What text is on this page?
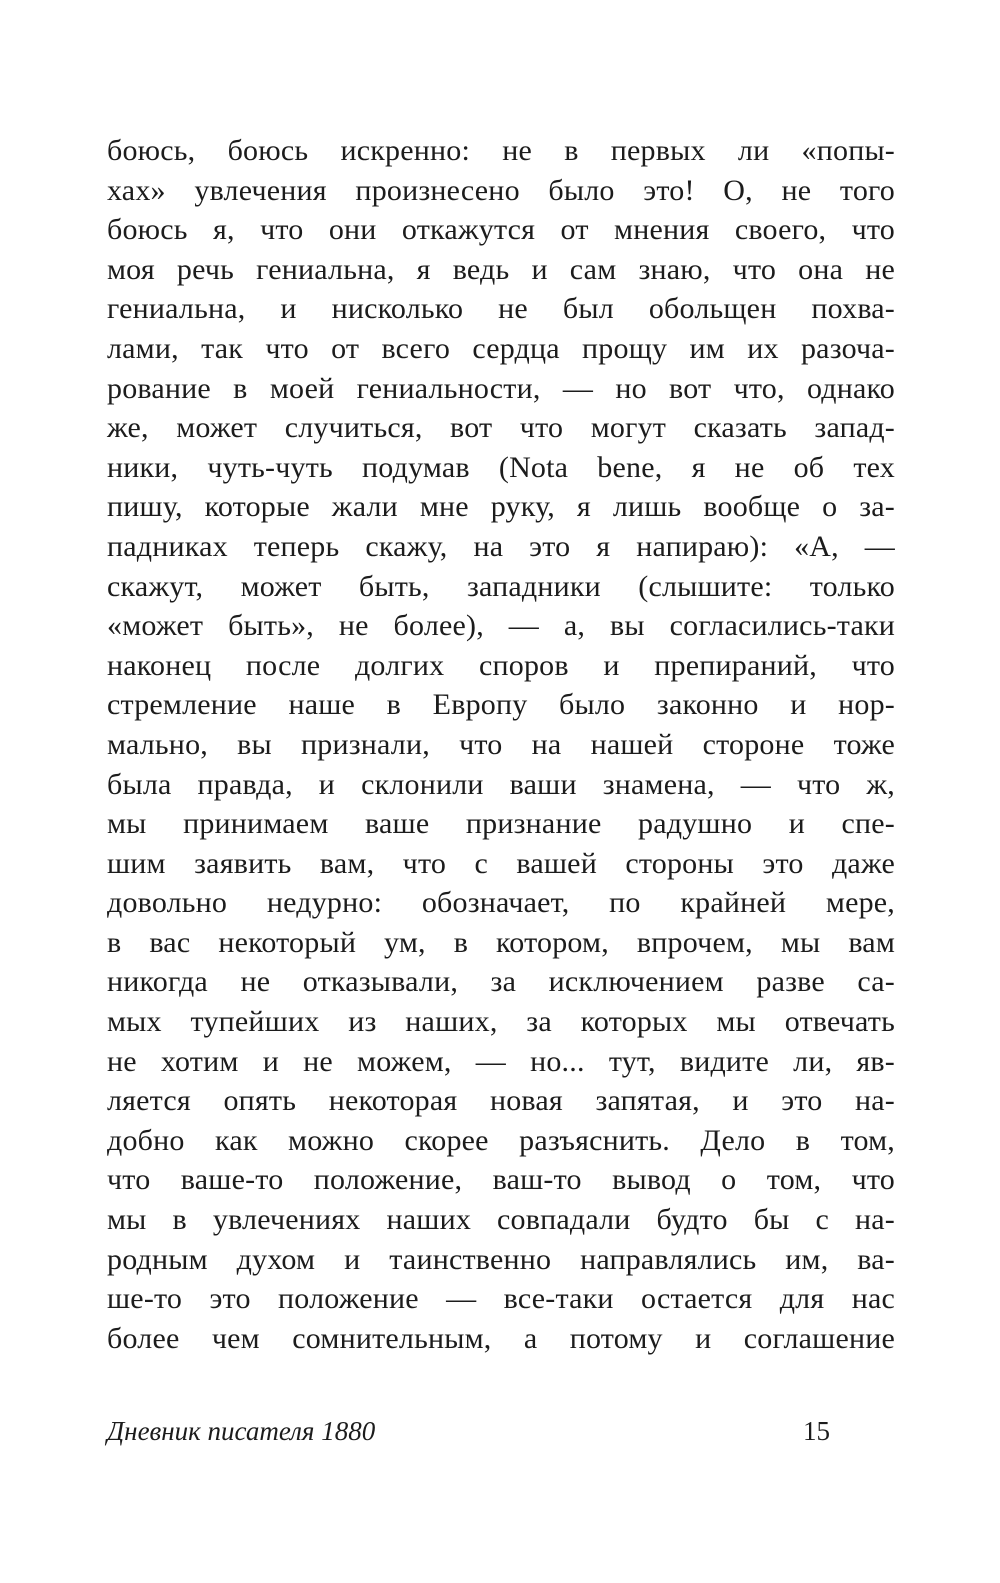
боюсь, боюсь искренно: не в первых ли «попы-
хах» увлечения произнесено было это! О, не того
боюсь я, что они откажутся от мнения своего, что
моя речь гениальна, я ведь и сам знаю, что она не
гениальна, и нисколько не был обольщен похва-
лами, так что от всего сердца прощу им их разоча-
рование в моей гениальности, — но вот что, однако
же, может случиться, вот что могут сказать запад-
ники, чуть-чуть подумав (Nota bene, я не об тех
пишу, которые жали мне руку, я лишь вообще о за-
падниках теперь скажу, на это я напираю): «А, —
скажут, может быть, западники (слышите: только
«может быть», не более), — а, вы согласились-таки
наконец после долгих споров и препираний, что
стремление наше в Европу было законно и нор-
мально, вы признали, что на нашей стороне тоже
была правда, и склонили ваши знамена, — что ж,
мы принимаем ваше признание радушно и спе-
шим заявить вам, что с вашей стороны это даже
довольно недурно: обозначает, по крайней мере,
в вас некоторый ум, в котором, впрочем, мы вам
никогда не отказывали, за исключением разве са-
мых тупейших из наших, за которых мы отвечать
не хотим и не можем, — но... тут, видите ли, яв-
ляется опять некоторая новая запятая, и это на-
добно как можно скорее разъяснить. Дело в том,
что ваше-то положение, ваш-то вывод о том, что
мы в увлечениях наших совпадали будто бы с на-
родным духом и таинственно направлялись им, ва-
ше-то это положение — все-таки остается для нас
более чем сомнительным, а потому и соглашение
Дневник писателя 1880	15
